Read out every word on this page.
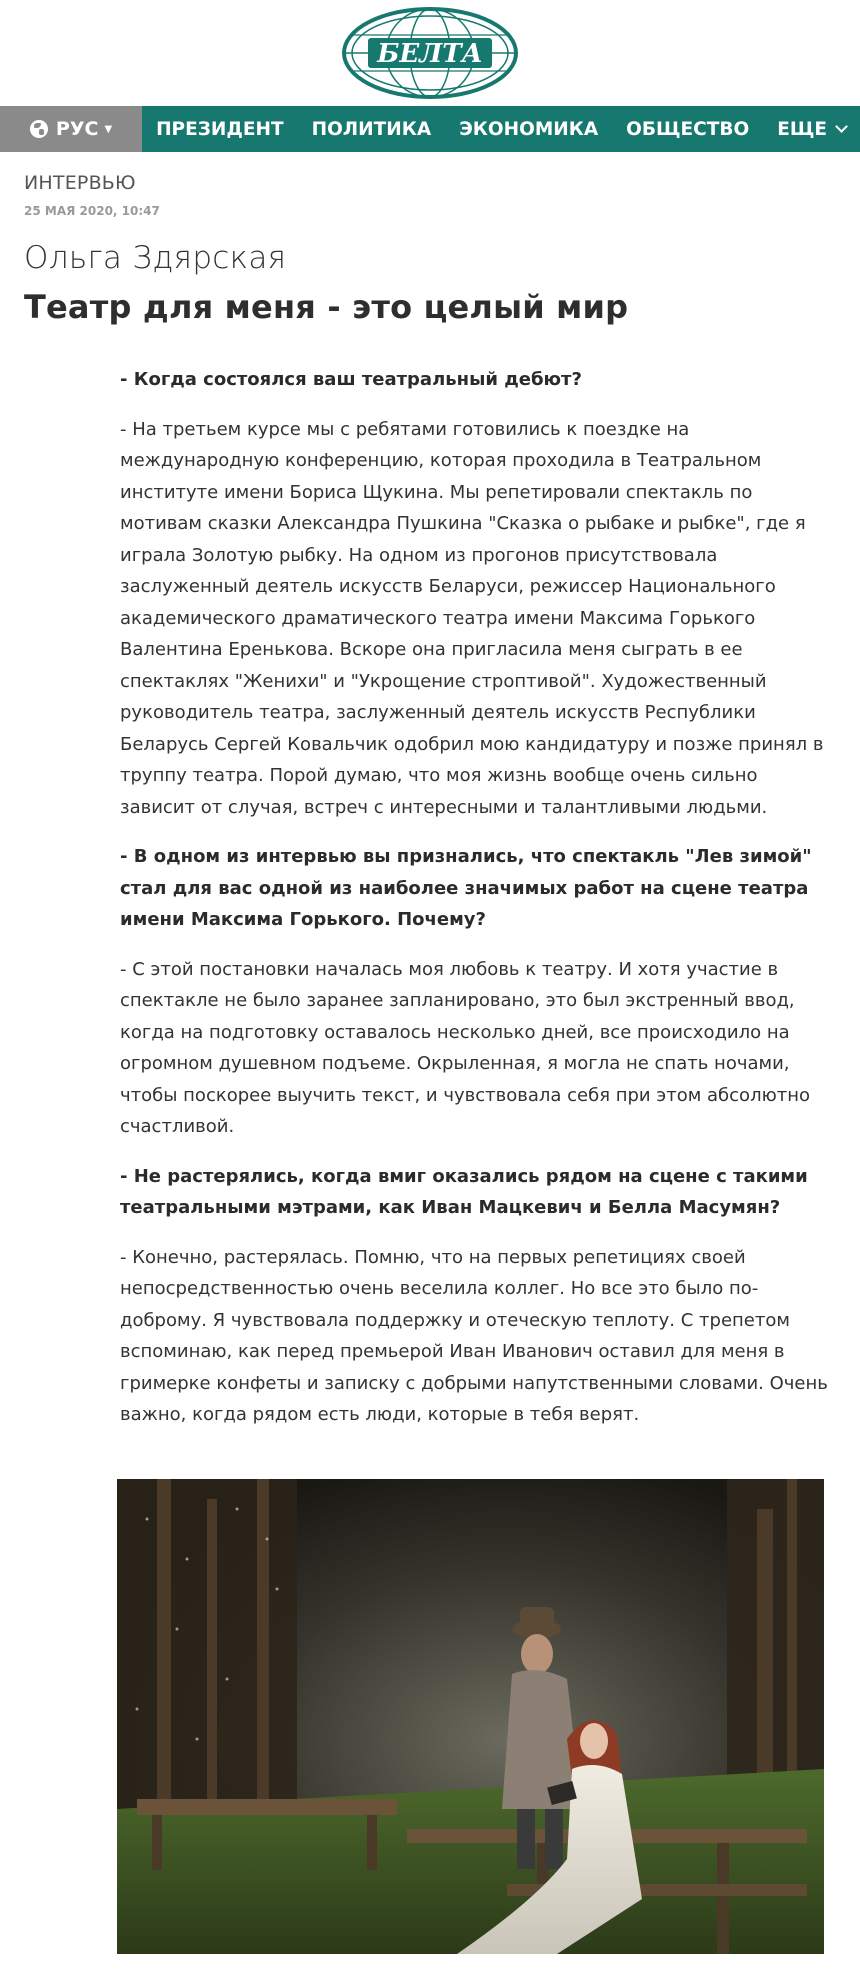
БЕЛТА
РУС ▼	ПРЕЗИДЕНТ	ПОЛИТИКА	ЭКОНОМИКА	ОБЩЕСТВО	ЕЩЕ
ИНТЕРВЬЮ
25 МАЯ 2020, 10:47
Ольга Здярская
Театр для меня - это целый мир

- Когда состоялся ваш театральный дебют?

- На третьем курсе мы с ребятами готовились к поездке на международную конференцию, которая проходила в Театральном институте имени Бориса Щукина. Мы репетировали спектакль по мотивам сказки Александра Пушкина "Сказка о рыбаке и рыбке", где я играла Золотую рыбку. На одном из прогонов присутствовала заслуженный деятель искусств Беларуси, режиссер Национального академического драматического театра имени Максима Горького Валентина Еренькова. Вскоре она пригласила меня сыграть в ее спектаклях "Женихи" и "Укрощение строптивой". Художественный руководитель театра, заслуженный деятель искусств Республики Беларусь Сергей Ковальчик одобрил мою кандидатуру и позже принял в труппу театра. Порой думаю, что моя жизнь вообще очень сильно зависит от случая, встреч с интересными и талантливыми людьми.

- В одном из интервью вы признались, что спектакль "Лев зимой" стал для вас одной из наиболее значимых работ на сцене театра имени Максима Горького. Почему?

- С этой постановки началась моя любовь к театру. И хотя участие в спектакле не было заранее запланировано, это был экстренный ввод, когда на подготовку оставалось несколько дней, все происходило на огромном душевном подъеме. Окрыленная, я могла не спать ночами, чтобы поскорее выучить текст, и чувствовала себя при этом абсолютно счастливой.

- Не растерялись, когда вмиг оказались рядом на сцене с такими театральными мэтрами, как Иван Мацкевич и Белла Масумян?

- Конечно, растерялась. Помню, что на первых репетициях своей непосредственностью очень веселила коллег. Но все это было по-доброму. Я чувствовала поддержку и отеческую теплоту. С трепетом вспоминаю, как перед премьерой Иван Иванович оставил для меня в гримерке конфеты и записку с добрыми напутственными словами. Очень важно, когда рядом есть люди, которые в тебя верят.
